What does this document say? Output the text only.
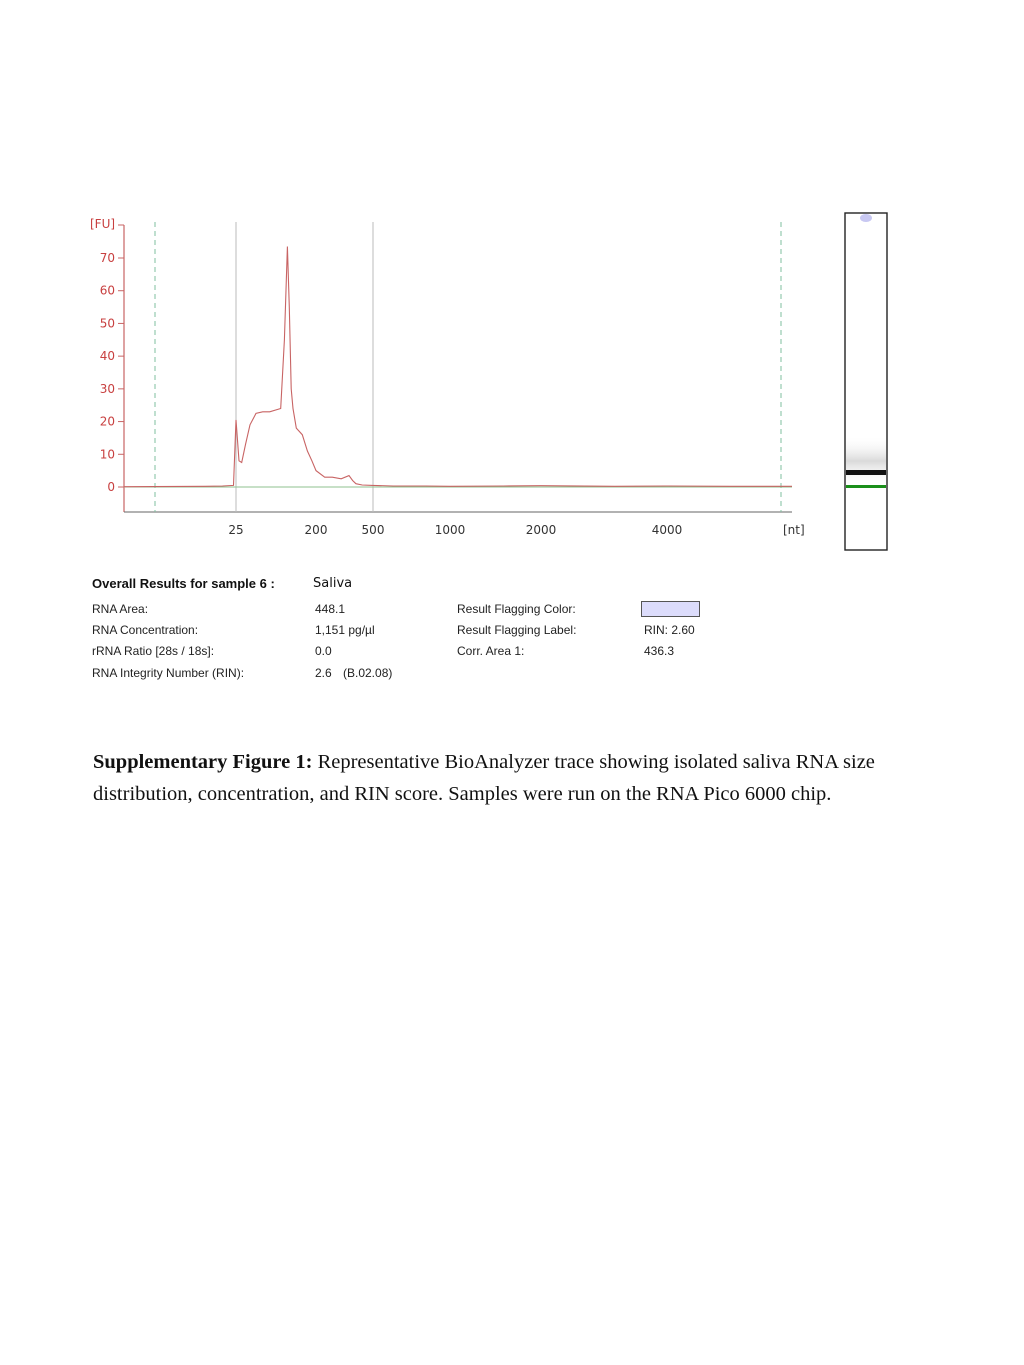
0
10
20
30
40
50
60
70
25	200	500	1000	2000	4000
[FU]
[nt]
Overall Results for sample 6 :	Saliva
RNA Area:	448.1	Result Flagging Color:
RNA Concentration:	1,151 pg/µl	Result Flagging Label:	RIN: 2.60
rRNA Ratio [28s / 18s]:	0.0	Corr. Area 1:	436.3
RNA Integrity Number (RIN):	2.6 (B.02.08)
Supplementary Figure 1: Representative BioAnalyzer trace showing isolated saliva RNA size distribution, concentration, and RIN score. Samples were run on the RNA Pico 6000 chip.
